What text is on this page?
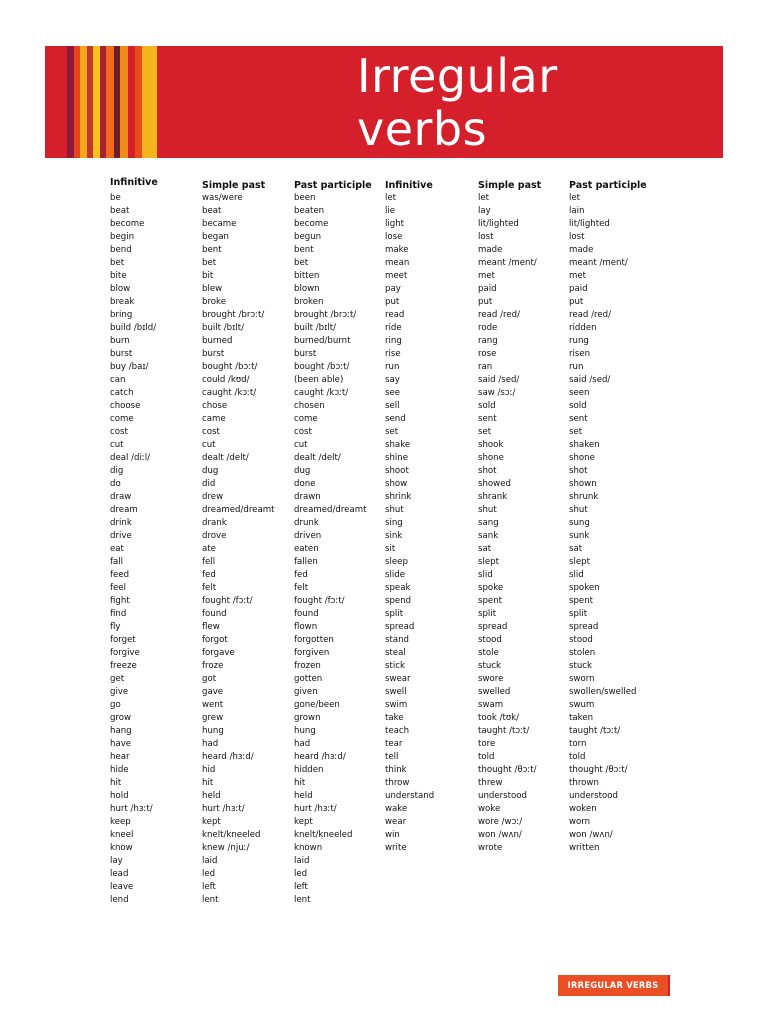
Irregular
verbs
Infinitive
be
beat
become
begin
bend
bet
bite
blow
break
bring
build /bɪld/
burn
burst
buy /baɪ/
can
catch
choose
come
cost
cut
deal /diːl/
dig
do
draw
dream
drink
drive
eat
fall
feed
feel
fight
find
fly
forget
forgive
freeze
get
give
go
grow
hang
have
hear
hide
hit
hold
hurt /hɜːt/
keep
kneel
know
lay
lead
leave
lend
Simple past
was/were
beat
became
began
bent
bet
bit
blew
broke
brought /brɔːt/
built /bɪlt/
burned
burst
bought /bɔːt/
could /kʊd/
caught /kɔːt/
chose
came
cost
cut
dealt /delt/
dug
did
drew
dreamed/dreamt
drank
drove
ate
fell
fed
felt
fought /fɔːt/
found
flew
forgot
forgave
froze
got
gave
went
grew
hung
had
heard /hɜːd/
hid
hit
held
hurt /hɜːt/
kept
knelt/kneeled
knew /njuː/
laid
led
left
lent
Past participle
been
beaten
become
begun
bent
bet
bitten
blown
broken
brought /brɔːt/
built /bɪlt/
burned/burnt
burst
bought /bɔːt/
(been able)
caught /kɔːt/
chosen
come
cost
cut
dealt /delt/
dug
done
drawn
dreamed/dreamt
drunk
driven
eaten
fallen
fed
felt
fought /fɔːt/
found
flown
forgotten
forgiven
frozen
gotten
given
gone/been
grown
hung
had
heard /hɜːd/
hidden
hit
held
hurt /hɜːt/
kept
knelt/kneeled
known
laid
led
left
lent
Infinitive
let
lie
light
lose
make
mean
meet
pay
put
read
ride
ring
rise
run
say
see
sell
send
set
shake
shine
shoot
show
shrink
shut
sing
sink
sit
sleep
slide
speak
spend
split
spread
stand
steal
stick
swear
swell
swim
take
teach
tear
tell
think
throw
understand
wake
wear
win
write
Simple past
let
lay
lit/lighted
lost
made
meant /ment/
met
paid
put
read /red/
rode
rang
rose
ran
said /sed/
saw /sɔː/
sold
sent
set
shook
shone
shot
showed
shrank
shut
sang
sank
sat
slept
slid
spoke
spent
split
spread
stood
stole
stuck
swore
swelled
swam
took /tʊk/
taught /tɔːt/
tore
told
thought /θɔːt/
threw
understood
woke
wore /wɔː/
won /wʌn/
wrote
Past participle
let
lain
lit/lighted
lost
made
meant /ment/
met
paid
put
read /red/
ridden
rung
risen
run
said /sed/
seen
sold
sent
set
shaken
shone
shot
shown
shrunk
shut
sung
sunk
sat
slept
slid
spoken
spent
split
spread
stood
stolen
stuck
sworn
swollen/swelled
swum
taken
taught /tɔːt/
torn
told
thought /θɔːt/
thrown
understood
woken
worn
won /wʌn/
written
IRREGULAR VERBS
